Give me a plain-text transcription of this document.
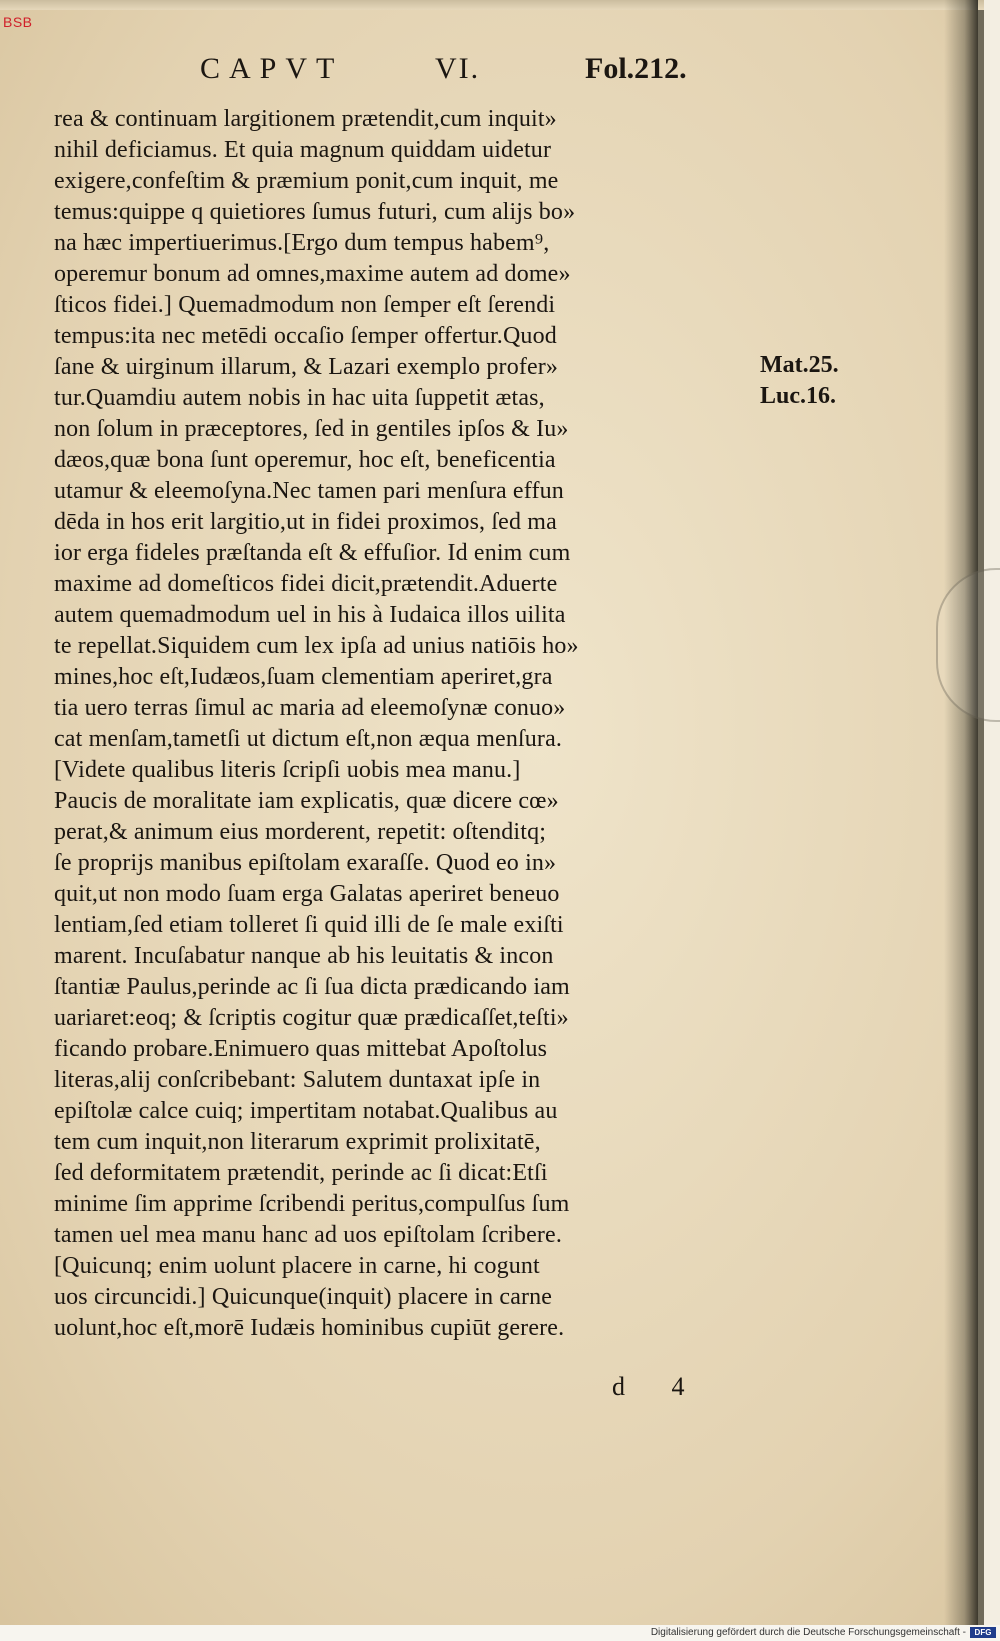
BSB
CAPVT	VI.	Fol.212.
rea & continuam largitionem prætendit,cum inquit»
nihil deficiamus. Et quia magnum quiddam uidetur
exigere,confeſtim & præmium ponit,cum inquit, me
temus:quippe q quietiores ſumus futuri, cum alijs bo»
na hæc impertiuerimus.[Ergo dum tempus habem⁹,
operemur bonum ad omnes,maxime autem ad dome»
ſticos fidei.] Quemadmodum non ſemper eſt ſerendi
tempus:ita nec metēdi occaſio ſemper offertur.Quod
ſane & uirginum illarum, & Lazari exemplo profer»
tur.Quamdiu autem nobis in hac uita ſuppetit ætas,
non ſolum in præceptores, ſed in gentiles ipſos & Iu»
dæos,quæ bona ſunt operemur, hoc eſt, beneficentia
utamur & eleemoſyna.Nec tamen pari menſura effun
dēda in hos erit largitio,ut in fidei proximos, ſed ma
ior erga fideles præſtanda eſt & effuſior. Id enim cum
maxime ad domeſticos fidei dicit,prætendit.Aduerte
autem quemadmodum uel in his à Iudaica illos uilita
te repellat.Siquidem cum lex ipſa ad unius natiōis ho»
mines,hoc eſt,Iudæos,ſuam clementiam aperiret,gra
tia uero terras ſimul ac maria ad eleemoſynæ conuo»
cat menſam,tametſi ut dictum eſt,non æqua menſura.
[Videte qualibus literis ſcripſi uobis mea manu.]
Paucis de moralitate iam explicatis, quæ dicere cœ»
perat,& animum eius morderent, repetit: oſtenditq;
ſe proprijs manibus epiſtolam exaraſſe. Quod eo in»
quit,ut non modo ſuam erga Galatas aperiret beneuo
lentiam,ſed etiam tolleret ſi quid illi de ſe male exiſti
marent. Incuſabatur nanque ab his leuitatis & incon
ſtantiæ Paulus,perinde ac ſi ſua dicta prædicando iam
uariaret:eoq; & ſcriptis cogitur quæ prædicaſſet,teſti»
ficando probare.Enimuero quas mittebat Apoſtolus
literas,alij conſcribebant: Salutem duntaxat ipſe in
epiſtolæ calce cuiq; impertitam notabat.Qualibus au
tem cum inquit,non literarum exprimit prolixitatē,
ſed deformitatem prætendit, perinde ac ſi dicat:Etſi
minime ſim apprime ſcribendi peritus,compulſus ſum
tamen uel mea manu hanc ad uos epiſtolam ſcribere.
[Quicunq; enim uolunt placere in carne, hi cogunt
uos circuncidi.] Quicunque(inquit) placere in carne
uolunt,hoc eſt,morē Iudæis hominibus cupiūt gerere.
Mat.25.
Luc.16.
d 4
Digitalisierung gefördert durch die Deutsche Forschungsgemeinschaft -	DFG
